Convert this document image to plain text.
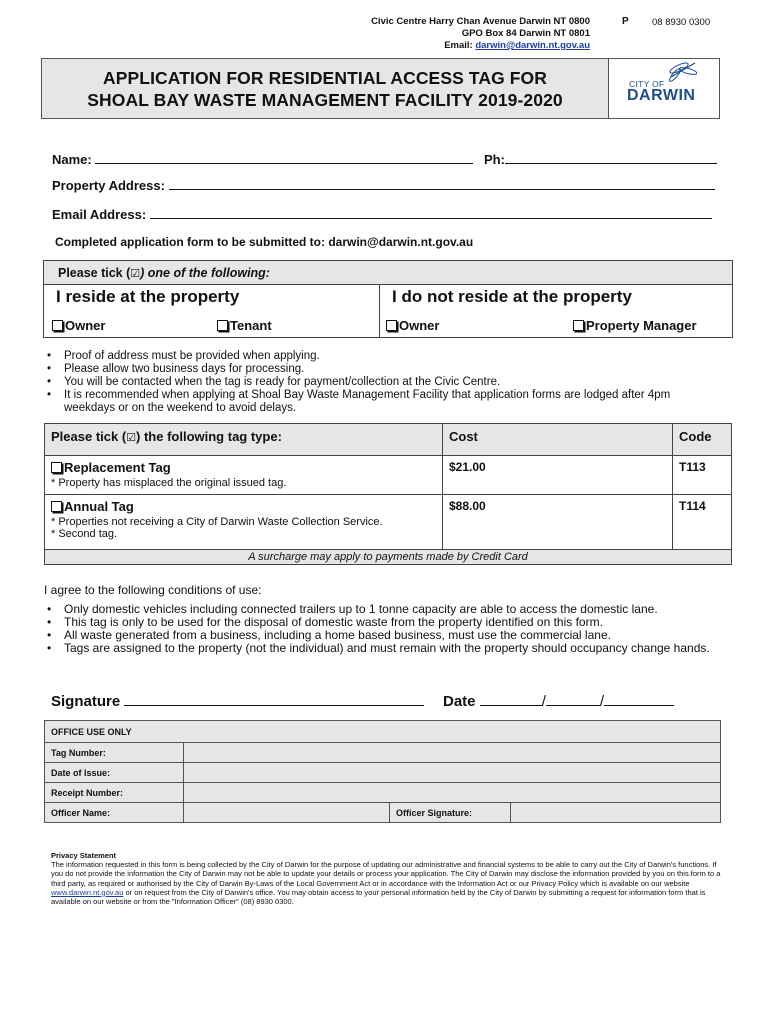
Civic Centre Harry Chan Avenue Darwin NT 0800
GPO Box 84 Darwin NT 0801
Email: darwin@darwin.nt.gov.au
P 08 8930 0300
APPLICATION FOR RESIDENTIAL ACCESS TAG FOR
SHOAL BAY WASTE MANAGEMENT FACILITY 2019-2020
CITY OF
DARWIN
Name:	Ph:
Property Address:
Email Address:
Completed application form to be submitted to: darwin@darwin.nt.gov.au
Please tick (☑) one of the following:
I reside at the property	I do not reside at the property
Owner	Tenant	Owner	Property Manager
• Proof of address must be provided when applying.
• Please allow two business days for processing.
• You will be contacted when the tag is ready for payment/collection at the Civic Centre.
• It is recommended when applying at Shoal Bay Waste Management Facility that application forms are lodged after 4pm weekdays or on the weekend to avoid delays.
Please tick (☑) the following tag type:	Cost	Code

Replacement Tag
* Property has misplaced the original issued tag.	$21.00	T113

Annual Tag
* Properties not receiving a City of Darwin Waste Collection Service.
* Second tag.	$88.00	T114
A surcharge may apply to payments made by Credit Card		
I agree to the following conditions of use:
• Only domestic vehicles including connected trailers up to 1 tonne capacity are able to access the domestic lane.
• This tag is only to be used for the disposal of domestic waste from the property identified on this form.
• All waste generated from a business, including a home based business, must use the commercial lane.
• Tags are assigned to the property (not the individual) and must remain with the property should occupancy change hands.
Signature	Date	/	/
OFFICE USE ONLY			
Tag Number:			
Date of Issue:			
Receipt Number:			
Officer Name:		Officer Signature:	
Privacy Statement
The information requested in this form is being collected by the City of Darwin for the purpose of updating our administrative and financial systems to be able to carry out the City of Darwin's functions. If you do not provide the information the City of Darwin may not be able to update your details or process your application. The City of Darwin may disclose the information provided by you on this form to a third party, as required or authorised by the City of Darwin By-Laws of the Local Government Act or in accordance with the Information Act or our Privacy Policy which is available on our website www.darwin.nt.gov.au or on request from the City of Darwin's office. You may obtain access to your personal information held by the City of Darwin by submitting a request for information form that is available on our website or from the "Information Officer" (08) 8930 0300.
